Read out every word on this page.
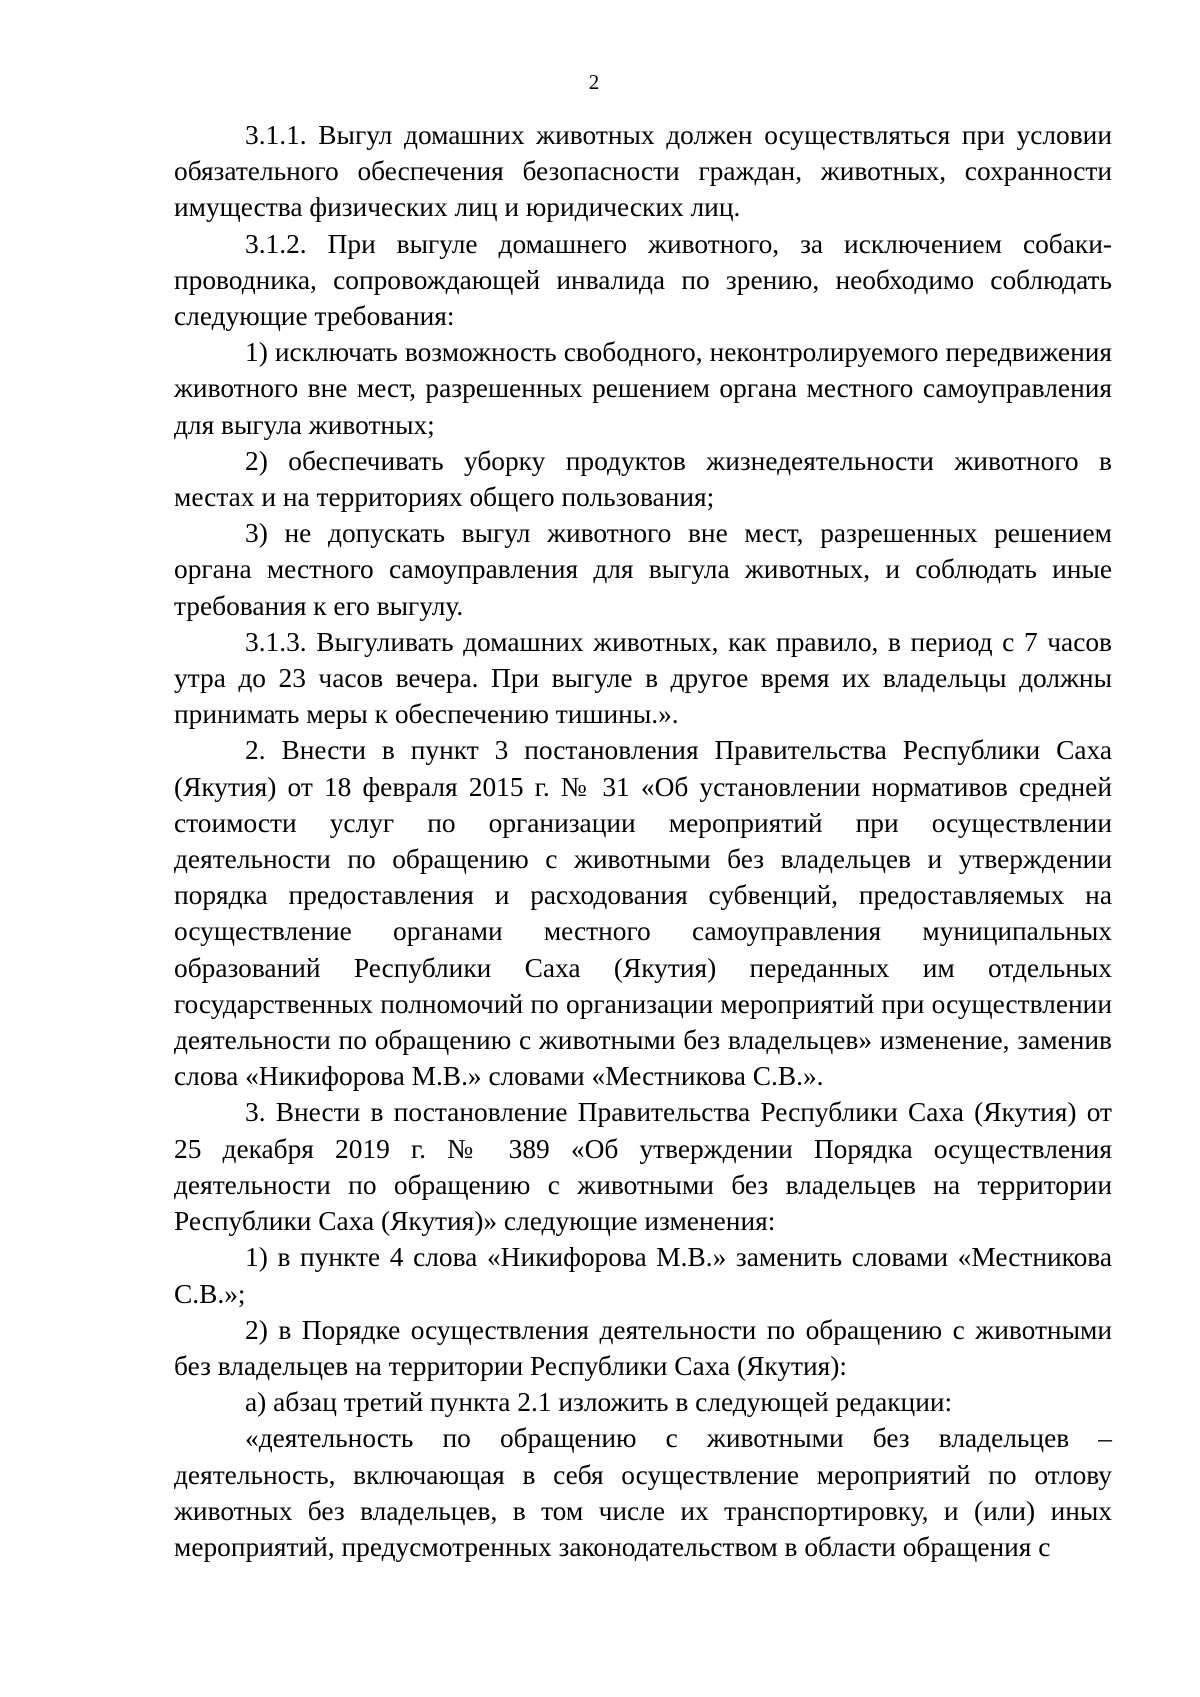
2

3.1.1. Выгул домашних животных должен осуществляться при условии обязательного обеспечения безопасности граждан, животных, сохранности имущества физических лиц и юридических лиц.

3.1.2. При выгуле домашнего животного, за исключением собаки-проводника, сопровождающей инвалида по зрению, необходимо соблюдать следующие требования:

1) исключать возможность свободного, неконтролируемого передвижения животного вне мест, разрешенных решением органа местного самоуправления для выгула животных;

2) обеспечивать уборку продуктов жизнедеятельности животного в местах и на территориях общего пользования;

3) не допускать выгул животного вне мест, разрешенных решением органа местного самоуправления для выгула животных, и соблюдать иные требования к его выгулу.

3.1.3. Выгуливать домашних животных, как правило, в период с 7 часов утра до 23 часов вечера. При выгуле в другое время их владельцы должны принимать меры к обеспечению тишины.».

2. Внести в пункт 3 постановления Правительства Республики Саха (Якутия) от 18 февраля 2015 г. № 31 «Об установлении нормативов средней стоимости услуг по организации мероприятий при осуществлении деятельности по обращению с животными без владельцев и утверждении порядка предоставления и расходования субвенций, предоставляемых на осуществление органами местного самоуправления муниципальных образований Республики Саха (Якутия) переданных им отдельных государственных полномочий по организации мероприятий при осуществлении деятельности по обращению с животными без владельцев» изменение, заменив слова «Никифорова М.В.» словами «Местникова С.В.».

3. Внести в постановление Правительства Республики Саха (Якутия) от 25 декабря 2019 г. № 389 «Об утверждении Порядка осуществления деятельности по обращению с животными без владельцев на территории Республики Саха (Якутия)» следующие изменения:

1) в пункте 4 слова «Никифорова М.В.» заменить словами «Местникова С.В.»;

2) в Порядке осуществления деятельности по обращению с животными без владельцев на территории Республики Саха (Якутия):

а) абзац третий пункта 2.1 изложить в следующей редакции:

«деятельность по обращению с животными без владельцев – деятельность, включающая в себя осуществление мероприятий по отлову животных без владельцев, в том числе их транспортировку, и (или) иных мероприятий, предусмотренных законодательством в области обращения с
